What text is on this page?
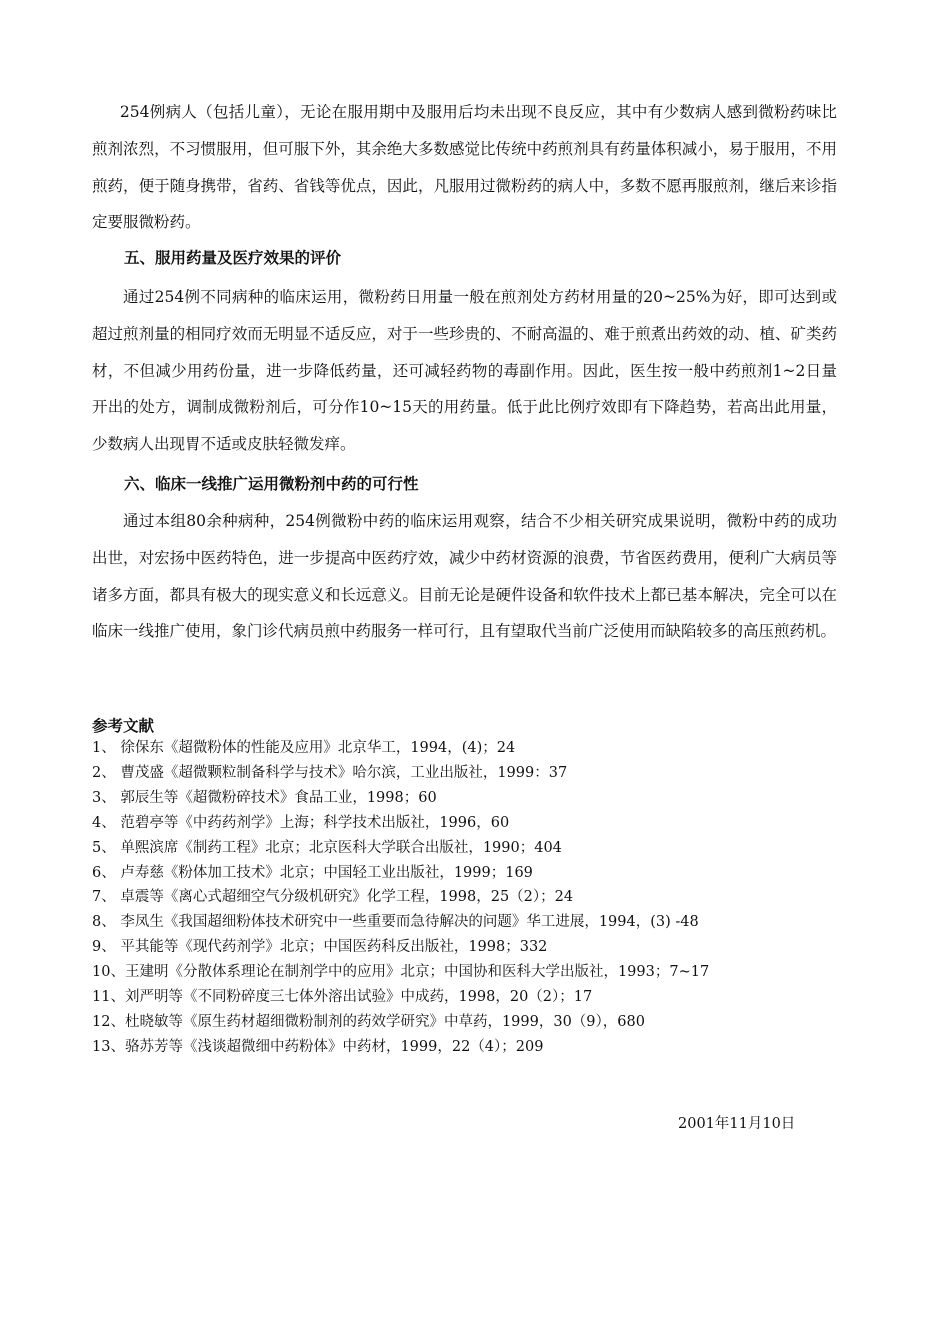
254例病人（包括儿童），无论在服用期中及服用后均未出现不良反应，其中有少数病人感到微粉药味比煎剂浓烈，不习惯服用，但可服下外，其余绝大多数感觉比传统中药煎剂具有药量体积减小，易于服用，不用煎药，便于随身携带，省药、省钱等优点，因此，凡服用过微粉药的病人中，多数不愿再服煎剂，继后来诊指定要服微粉药。

五、服用药量及医疗效果的评价

通过254例不同病种的临床运用，微粉药日用量一般在煎剂处方药材用量的20~25%为好，即可达到或超过煎剂量的相同疗效而无明显不适反应，对于一些珍贵的、不耐高温的、难于煎煮出药效的动、植、矿类药材，不但减少用药份量，进一步降低药量，还可减轻药物的毒副作用。因此，医生按一般中药煎剂1~2日量开出的处方，调制成微粉剂后，可分作10~15天的用药量。低于此比例疗效即有下降趋势，若高出此用量，少数病人出现胃不适或皮肤轻微发痒。

六、临床一线推广运用微粉剂中药的可行性

通过本组80余种病种，254例微粉中药的临床运用观察，结合不少相关研究成果说明，微粉中药的成功出世，对宏扬中医药特色，进一步提高中医药疗效，减少中药材资源的浪费，节省医药费用，便利广大病员等诸多方面，都具有极大的现实意义和长远意义。目前无论是硬件设备和软件技术上都已基本解决，完全可以在临床一线推广使用，象门诊代病员煎中药服务一样可行，且有望取代当前广泛使用而缺陷较多的高压煎药机。

参考文献
1、 徐保东《超微粉体的性能及应用》北京华工，1994，(4)；24
2、 曹茂盛《超微颗粒制备科学与技术》哈尔滨，工业出版社，1999：37
3、 郭辰生等《超微粉碎技术》食品工业，1998；60
4、 范碧亭等《中药药剂学》上海；科学技术出版社，1996，60
5、 单熙滨席《制药工程》北京；北京医科大学联合出版社，1990；404
6、 卢寿慈《粉体加工技术》北京；中国轻工业出版社，1999；169
7、 卓震等《离心式超细空气分级机研究》化学工程，1998，25（2）；24
8、 李凤生《我国超细粉体技术研究中一些重要而急待解决的问题》华工进展，1994，(3) -48
9、 平其能等《现代药剂学》北京；中国医药科反出版社，1998；332
10、王建明《分散体系理论在制剂学中的应用》北京；中国协和医科大学出版社，1993；7~17
11、刘严明等《不同粉碎度三七体外溶出试验》中成药，1998，20（2）；17
12、杜晓敏等《原生药材超细微粉制剂的药效学研究》中草药，1999，30（9），680
13、骆苏芳等《浅谈超微细中药粉体》中药材，1999，22（4）；209
2001年11月10日
